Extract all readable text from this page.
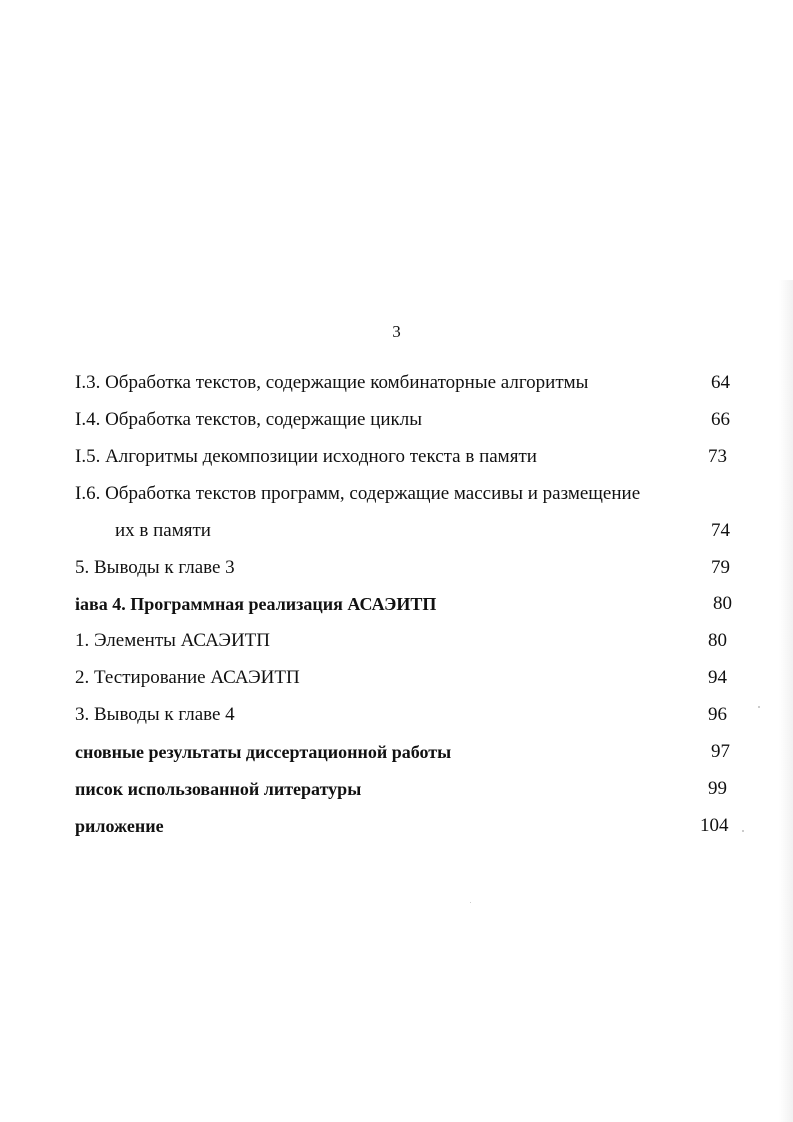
3
І.3. Обработка текстов, содержащие комбинаторные алгоритмы	64
І.4. Обработка текстов, содержащие циклы	66
І.5. Алгоритмы декомпозиции исходного текста в памяти	73
І.6. Обработка текстов программ, содержащие массивы и размещение
их в памяти	74
5. Выводы к главе 3	79
іава 4. Программная реализация АСАЭИТП	80
1. Элементы АСАЭИТП	80
2. Тестирование АСАЭИТП	94
3. Выводы к главе 4	96
сновные результаты диссертационной работы	97
писок использованной литературы	99
риложение	104
